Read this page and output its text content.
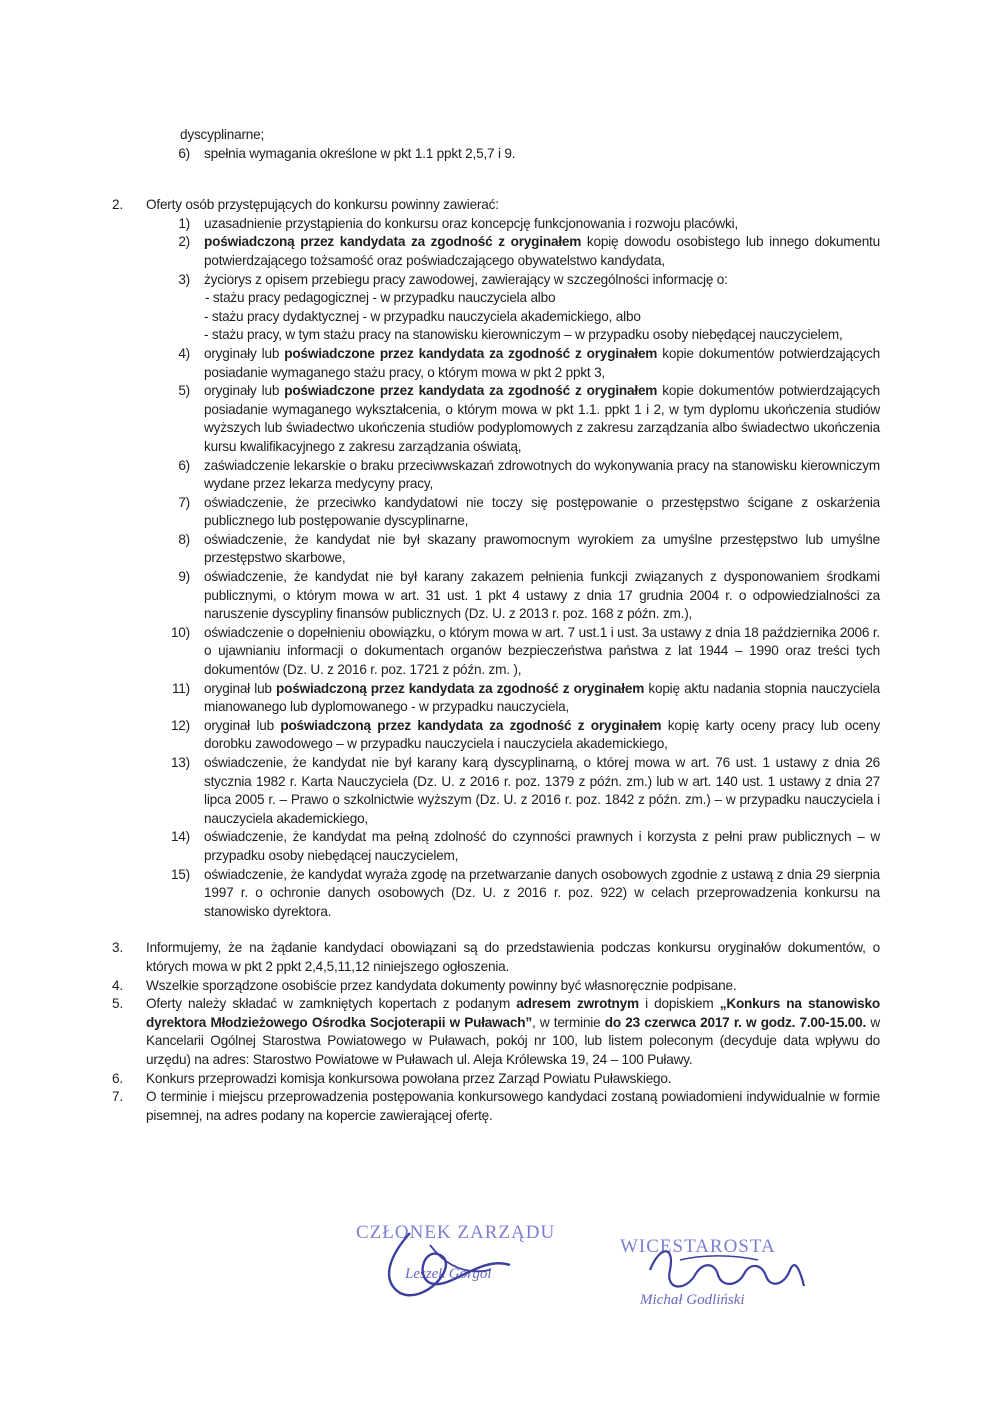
dyscyplinarne;
6)	spełnia wymagania określone w pkt 1.1 ppkt 2,5,7 i 9.
2.	Oferty osób przystępujących do konkursu powinny zawierać:
1)	uzasadnienie przystąpienia do konkursu oraz koncepcję funkcjonowania i rozwoju placówki,
2)	poświadczoną przez kandydata za zgodność z oryginałem kopię dowodu osobistego lub innego dokumentu potwierdzającego tożsamość oraz poświadczającego obywatelstwo kandydata,
3)	życiorys z opisem przebiegu pracy zawodowej, zawierający w szczególności informację o:
- stażu pracy pedagogicznej - w przypadku nauczyciela albo
- stażu pracy dydaktycznej - w przypadku nauczyciela akademickiego, albo
- stażu pracy, w tym stażu pracy na stanowisku kierowniczym – w przypadku osoby niebędącej nauczycielem,
4)	oryginały lub poświadczone przez kandydata za zgodność z oryginałem kopie dokumentów potwierdzających posiadanie wymaganego stażu pracy, o którym mowa w pkt 2 ppkt 3,
5)	oryginały lub poświadczone przez kandydata za zgodność z oryginałem kopie dokumentów potwierdzających posiadanie wymaganego wykształcenia, o którym mowa w pkt 1.1. ppkt 1 i 2, w tym dyplomu ukończenia studiów wyższych lub świadectwo ukończenia studiów podyplomowych z zakresu zarządzania albo świadectwo ukończenia kursu kwalifikacyjnego z zakresu zarządzania oświatą,
6)	zaświadczenie lekarskie o braku przeciwwskazań zdrowotnych do wykonywania pracy na stanowisku kierowniczym wydane przez lekarza medycyny pracy,
7)	oświadczenie, że przeciwko kandydatowi nie toczy się postępowanie o przestępstwo ścigane z oskarżenia publicznego lub postępowanie dyscyplinarne,
8)	oświadczenie, że kandydat nie był skazany prawomocnym wyrokiem za umyślne przestępstwo lub umyślne przestępstwo skarbowe,
9)	oświadczenie, że kandydat nie był karany zakazem pełnienia funkcji związanych z dysponowaniem środkami publicznymi, o którym mowa w art. 31 ust. 1 pkt 4 ustawy z dnia 17 grudnia 2004 r. o odpowiedzialności za naruszenie dyscypliny finansów publicznych (Dz. U. z 2013 r. poz. 168 z późn. zm.),
10)	oświadczenie o dopełnieniu obowiązku, o którym mowa w art. 7 ust.1 i ust. 3a ustawy z dnia 18 października 2006 r. o ujawnianiu informacji o dokumentach organów bezpieczeństwa państwa z lat 1944 – 1990 oraz treści tych dokumentów (Dz. U. z 2016 r. poz. 1721 z późn. zm. ),
11)	oryginał lub poświadczoną przez kandydata za zgodność z oryginałem kopię aktu nadania stopnia nauczyciela mianowanego lub dyplomowanego - w przypadku nauczyciela,
12)	oryginał lub poświadczoną przez kandydata za zgodność z oryginałem kopię karty oceny pracy lub oceny dorobku zawodowego – w przypadku nauczyciela i nauczyciela akademickiego,
13)	oświadczenie, że kandydat nie był karany karą dyscyplinarną, o której mowa w art. 76 ust. 1 ustawy z dnia 26 stycznia 1982 r. Karta Nauczyciela (Dz. U. z 2016 r. poz. 1379 z późn. zm.) lub w art. 140 ust. 1 ustawy z dnia 27 lipca 2005 r. – Prawo o szkolnictwie wyższym (Dz. U. z 2016 r. poz. 1842 z późn. zm.) – w przypadku nauczyciela i nauczyciela akademickiego,
14)	oświadczenie, że kandydat ma pełną zdolność do czynności prawnych i korzysta z pełni praw publicznych – w przypadku osoby niebędącej nauczycielem,
15)	oświadczenie, że kandydat wyraża zgodę na przetwarzanie danych osobowych zgodnie z ustawą z dnia 29 sierpnia 1997 r. o ochronie danych osobowych (Dz. U. z 2016 r. poz. 922) w celach przeprowadzenia konkursu na stanowisko dyrektora.
3.	Informujemy, że na żądanie kandydaci obowiązani są do przedstawienia podczas konkursu oryginałów dokumentów, o których mowa w pkt 2 ppkt 2,4,5,11,12 niniejszego ogłoszenia.
4.	Wszelkie sporządzone osobiście przez kandydata dokumenty powinny być własnoręcznie podpisane.
5.	Oferty należy składać w zamkniętych kopertach z podanym adresem zwrotnym i dopiskiem „Konkurs na stanowisko dyrektora Młodzieżowego Ośrodka Socjoterapii w Puławach”, w terminie do 23 czerwca 2017 r. w godz. 7.00-15.00. w Kancelarii Ogólnej Starostwa Powiatowego w Puławach, pokój nr 100, lub listem poleconym (decyduje data wpływu do urzędu) na adres: Starostwo Powiatowe w Puławach ul. Aleja Królewska 19, 24 – 100 Puławy.
6.	Konkurs przeprowadzi komisja konkursowa powołana przez Zarząd Powiatu Puławskiego.
7.	O terminie i miejscu przeprowadzenia postępowania konkursowego kandydaci zostaną powiadomieni indywidualnie w formie pisemnej, na adres podany na kopercie zawierającej ofertę.
CZŁONEK ZARZĄDU
Leszek Gorgol
WICESTAROSTA
Michał Godliński
